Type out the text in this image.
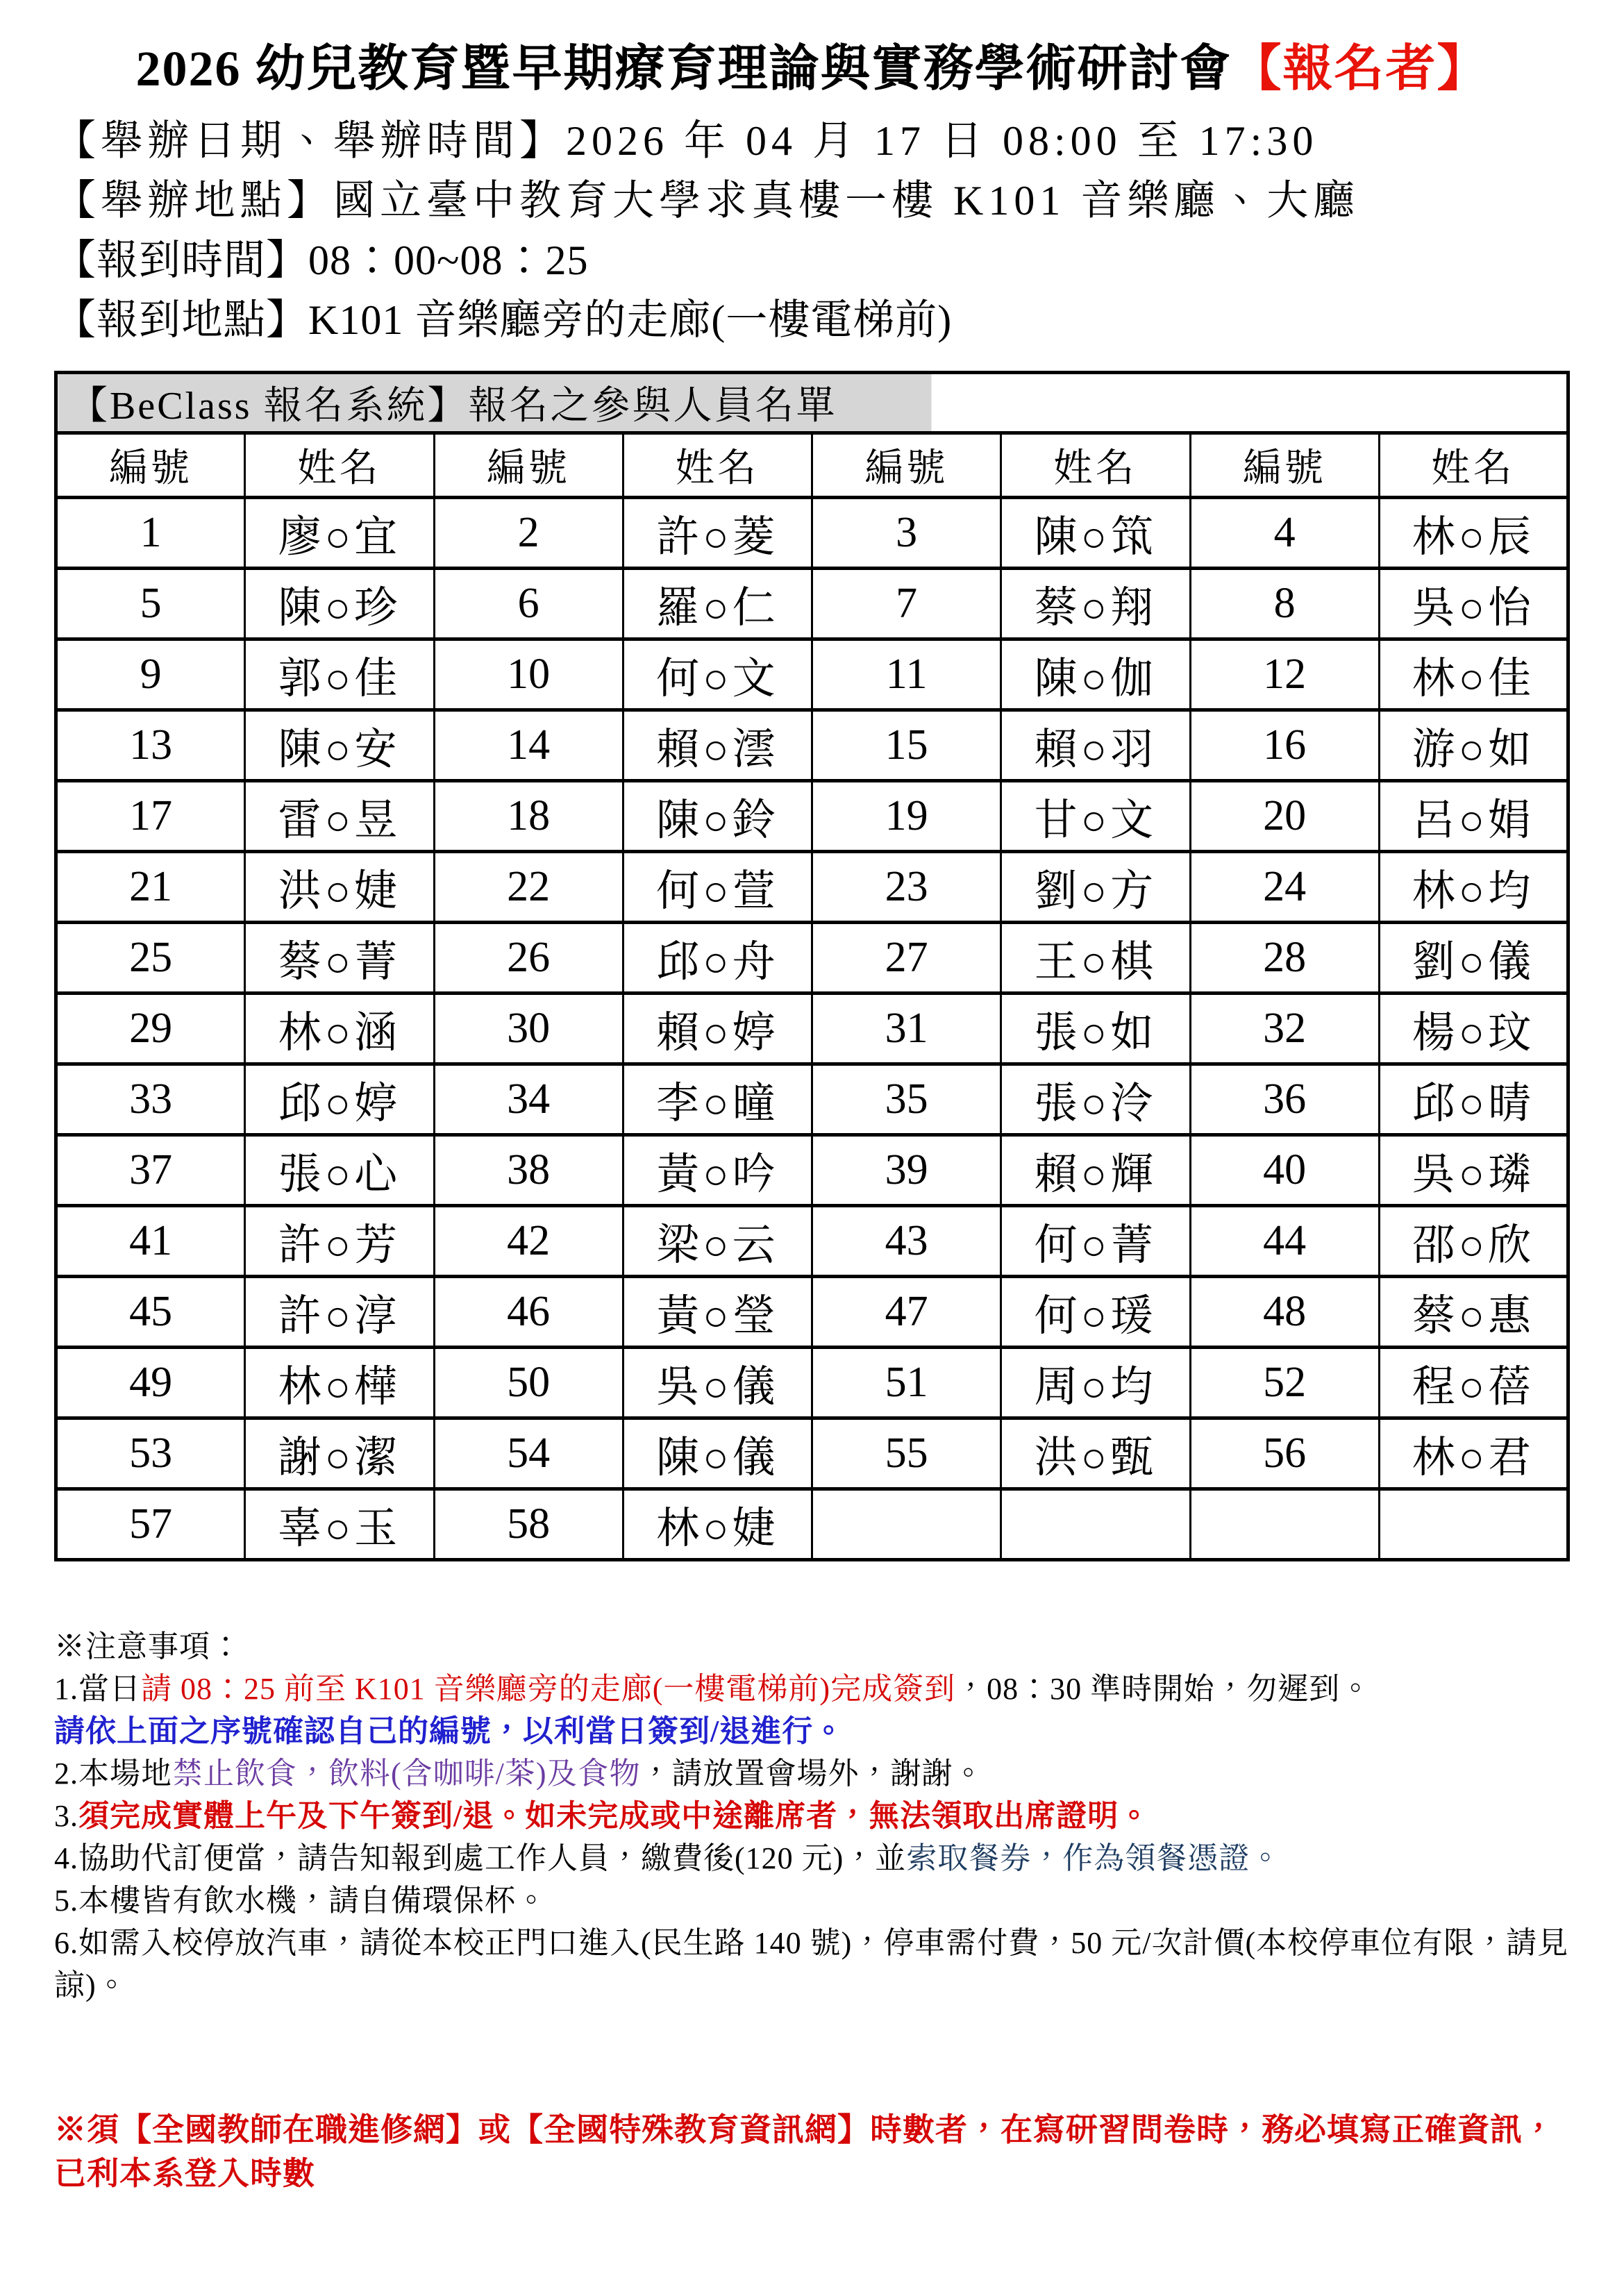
2026 幼兒教育暨早期療育理論與實務學術研討會【報名者】
【舉辦日期、舉辦時間】2026 年 04 月 17 日 08:00 至 17:30
【舉辦地點】國立臺中教育大學求真樓一樓 K101 音樂廳、大廳
【報到時間】08：00~08：25
【報到地點】K101 音樂廳旁的走廊(一樓電梯前)
【BeClass 報名系統】報名之參與人員名單							
編號	姓名	編號	姓名	編號	姓名	編號	姓名
1	廖○宜	2	許○菱	3	陳○筑	4	林○辰
5	陳○珍	6	羅○仁	7	蔡○翔	8	吳○怡
9	郭○佳	10	何○文	11	陳○伽	12	林○佳
13	陳○安	14	賴○澐	15	賴○羽	16	游○如
17	雷○昱	18	陳○鈴	19	甘○文	20	呂○娟
21	洪○婕	22	何○萱	23	劉○方	24	林○均
25	蔡○菁	26	邱○舟	27	王○棋	28	劉○儀
29	林○涵	30	賴○婷	31	張○如	32	楊○玟
33	邱○婷	34	李○曈	35	張○泠	36	邱○晴
37	張○心	38	黃○吟	39	賴○輝	40	吳○璘
41	許○芳	42	梁○云	43	何○菁	44	邵○欣
45	許○淳	46	黃○瑩	47	何○瑗	48	蔡○惠
49	林○樺	50	吳○儀	51	周○均	52	程○蓓
53	謝○潔	54	陳○儀	55	洪○甄	56	林○君
57	辜○玉	58	林○婕				

※注意事項：

1.當日請 08：25 前至 K101 音樂廳旁的走廊(一樓電梯前)完成簽到，08：30 準時開始，勿遲到。

請依上面之序號確認自己的編號，以利當日簽到/退進行。

2.本場地禁止飲食，飲料(含咖啡/茶)及食物，請放置會場外，謝謝。

3.須完成實體上午及下午簽到/退。如未完成或中途離席者，無法領取出席證明。

4.協助代訂便當，請告知報到處工作人員，繳費後(120 元)，並索取餐券，作為領餐憑證。

5.本樓皆有飲水機，請自備環保杯。

6.如需入校停放汽車，請從本校正門口進入(民生路 140 號)，停車需付費，50 元/次計價(本校停車位有限，請見諒)。

※須【全國教師在職進修網】或【全國特殊教育資訊網】時數者，在寫研習問卷時，務必填寫正確資訊，已利本系登入時數
